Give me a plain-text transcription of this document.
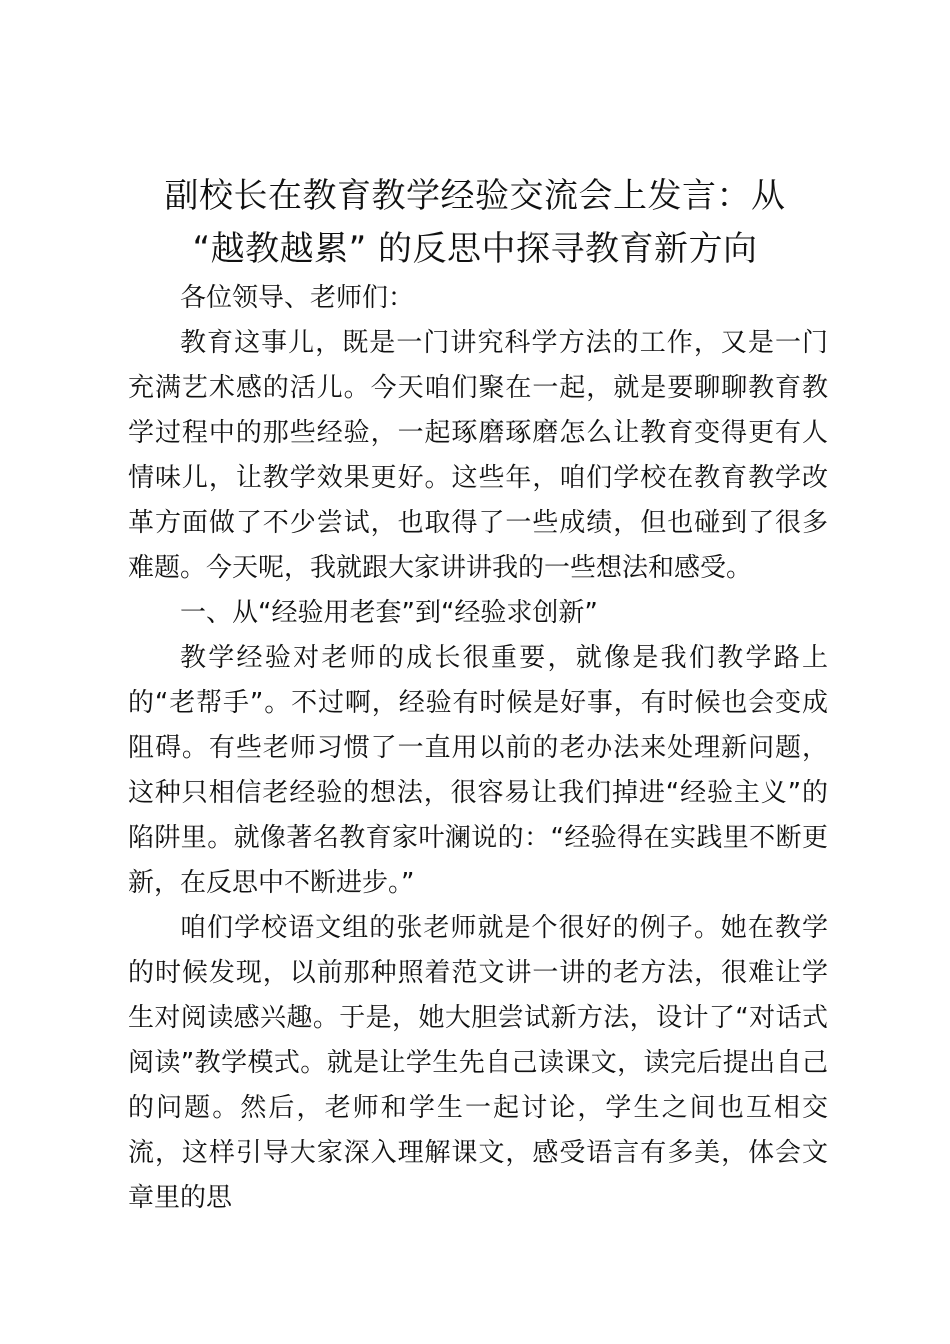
副校长在教育教学经验交流会上发言：从
“越教越累” 的反思中探寻教育新方向

各位领导、老师们：

教育这事儿，既是一门讲究科学方法的工作，又是一门充满艺术感的活儿。今天咱们聚在一起，就是要聊聊教育教学过程中的那些经验，一起琢磨琢磨怎么让教育变得更有人情味儿，让教学效果更好。这些年，咱们学校在教育教学改革方面做了不少尝试，也取得了一些成绩，但也碰到了很多难题。今天呢，我就跟大家讲讲我的一些想法和感受。

一、从“经验用老套”到“经验求创新”

教学经验对老师的成长很重要，就像是我们教学路上的“老帮手”。不过啊，经验有时候是好事，有时候也会变成阻碍。有些老师习惯了一直用以前的老办法来处理新问题，这种只相信老经验的想法，很容易让我们掉进“经验主义”的陷阱里。就像著名教育家叶澜说的：“经验得在实践里不断更新，在反思中不断进步。”

咱们学校语文组的张老师就是个很好的例子。她在教学的时候发现，以前那种照着范文讲一讲的老方法，很难让学生对阅读感兴趣。于是，她大胆尝试新方法，设计了“对话式阅读”教学模式。就是让学生先自己读课文，读完后提出自己的问题。然后，老师和学生一起讨论，学生之间也互相交流，这样引导大家深入理解课文，感受语言有多美，体会文章里的思
